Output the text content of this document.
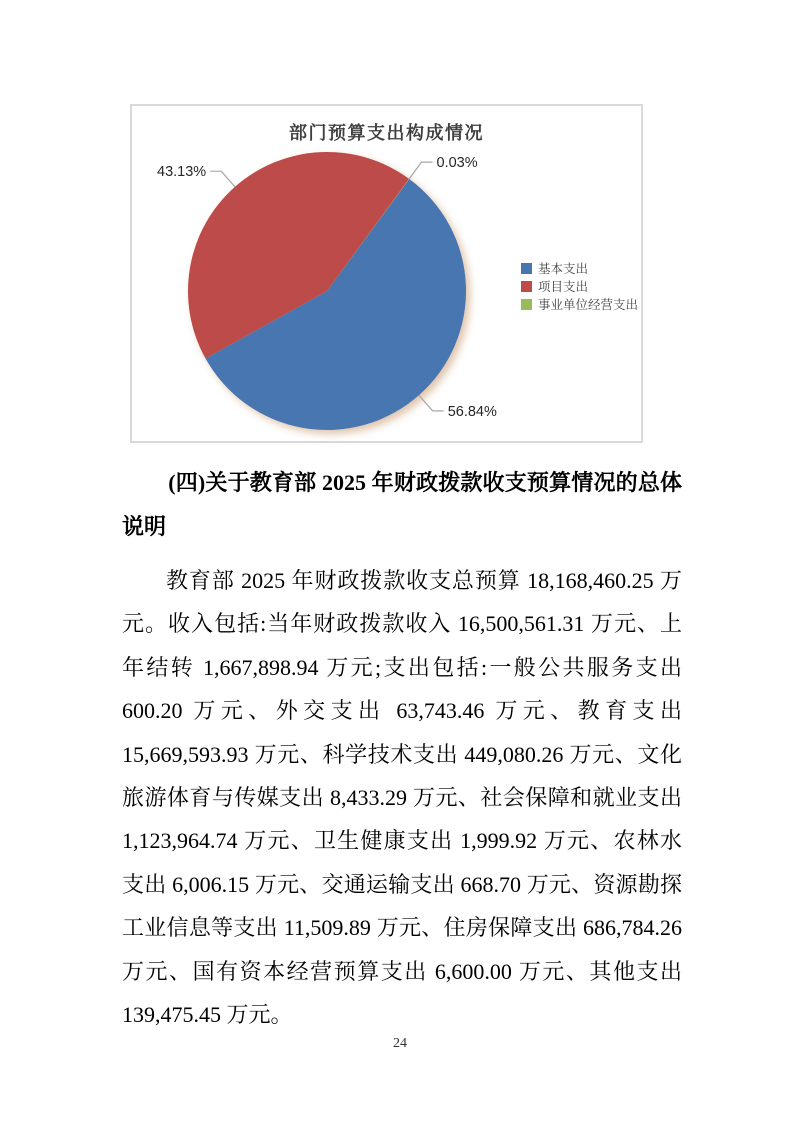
部门预算支出构成情况
56.84%
43.13%
0.03%
基本支出
项目支出
事业单位经营支出
(四)关于教育部 2025 年财政拨款收支预算情况的总体说明

教育部 2025 年财政拨款收支总预算 18,168,460.25 万元。收入包括:当年财政拨款收入 16,500,561.31 万元、上年结转 1,667,898.94 万元;支出包括:一般公共服务支出 600.20 万元、外交支出 63,743.46 万元、教育支出 15,669,593.93 万元、科学技术支出 449,080.26 万元、文化旅游体育与传媒支出 8,433.29 万元、社会保障和就业支出 1,123,964.74 万元、卫生健康支出 1,999.92 万元、农林水支出 6,006.15 万元、交通运输支出 668.70 万元、资源勘探工业信息等支出 11,509.89 万元、住房保障支出 686,784.26 万元、国有资本经营预算支出 6,600.00 万元、其他支出 139,475.45 万元。

24
